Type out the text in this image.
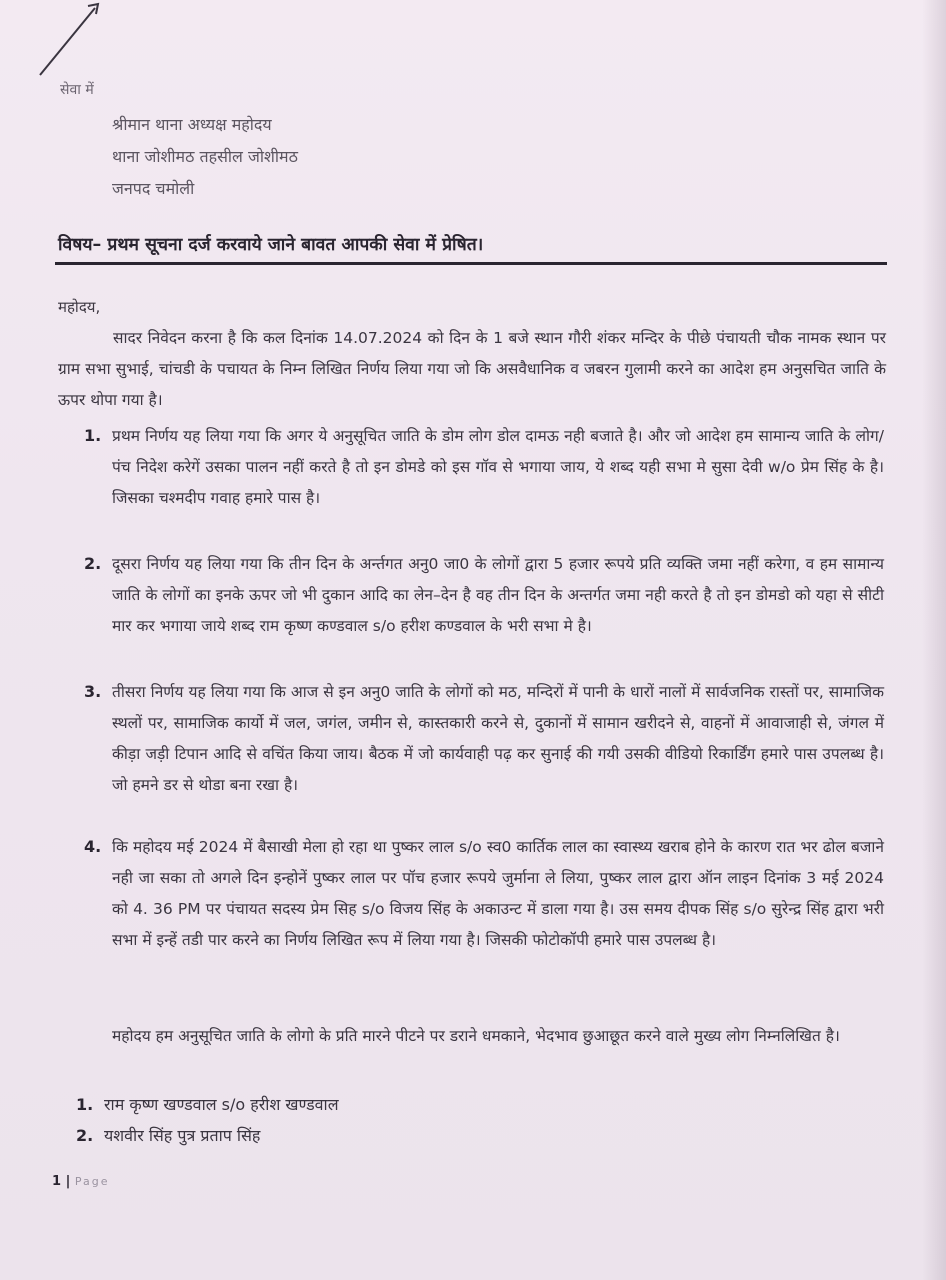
सेवा में
श्रीमान थाना अध्यक्ष महोदय
थाना जोशीमठ तहसील जोशीमठ
जनपद चमोली
विषय– प्रथम सूचना दर्ज करवाये जाने बावत आपकी सेवा में प्रेषित।
महोदय,
सादर निवेदन करना है कि कल दिनांक 14.07.2024 को दिन के 1 बजे स्थान गौरी शंकर मन्दिर के पीछे पंचायती चौक नामक स्थान पर ग्राम सभा सुभाई, चांचडी के पचायत के निम्न लिखित निर्णय लिया गया जो कि असवैधानिक व जबरन गुलामी करने का आदेश हम अनुसचित जाति के ऊपर थोपा गया है।
1. प्रथम निर्णय यह लिया गया कि अगर ये अनुसूचित जाति के डोम लोग डोल दामऊ नही बजाते है। और जो आदेश हम सामान्य जाति के लोग/पंच निदेश करेगें उसका पालन नहीं करते है तो इन डोमडे को इस गॉव से भगाया जाय, ये शब्द यही सभा मे सुसा देवी w/o प्रेम सिंह के है। जिसका चश्मदीप गवाह हमारे पास है।
2. दूसरा निर्णय यह लिया गया कि तीन दिन के अर्न्तगत अनु0 जा0 के लोगों द्वारा 5 हजार रूपये प्रति व्यक्ति जमा नहीं करेगा, व हम सामान्य जाति के लोगों का इनके ऊपर जो भी दुकान आदि का लेन–देन है वह तीन दिन के अन्तर्गत जमा नही करते है तो इन डोमडो को यहा से सीटी मार कर भगाया जाये शब्द राम कृष्ण कण्डवाल s/o हरीश कण्डवाल के भरी सभा मे है।
3. तीसरा निर्णय यह लिया गया कि आज से इन अनु0 जाति के लोगों को मठ, मन्दिरों में पानी के धारों नालों में सार्वजनिक रास्तों पर, सामाजिक स्थलों पर, सामाजिक कार्यो में जल, जगंल, जमीन से, कास्तकारी करने से, दुकानों में सामान खरीदने से, वाहनों में आवाजाही से, जंगल में कीड़ा जड़ी टिपान आदि से वचिंत किया जाय। बैठक में जो कार्यवाही पढ़ कर सुनाई की गयी उसकी वीडियो रिकार्डिंग हमारे पास उपलब्ध है। जो हमने डर से थोडा बना रखा है।
4. कि महोदय मई 2024 में बैसाखी मेला हो रहा था पुष्कर लाल s/o स्व0 कार्तिक लाल का स्वास्थ्य खराब होने के कारण रात भर ढोल बजाने नही जा सका तो अगले दिन इन्होनें पुष्कर लाल पर पॉच हजार रूपये जुर्माना ले लिया, पुष्कर लाल द्वारा ऑन लाइन दिनांक 3 मई 2024 को 4. 36 PM पर पंचायत सदस्य प्रेम सिह s/o विजय सिंह के अकाउन्ट में डाला गया है। उस समय दीपक सिंह s/o सुरेन्द्र सिंह द्वारा भरी सभा में इन्हें तडी पार करने का निर्णय लिखित रूप में लिया गया है। जिसकी फोटोकॉपी हमारे पास उपलब्ध है।
महोदय हम अनुसूचित जाति के लोगो के प्रति मारने पीटने पर डराने धमकाने, भेदभाव छुआछूत करने वाले मुख्य लोग निम्नलिखित है।
1. राम कृष्ण खण्डवाल s/o हरीश खण्डवाल
2. यशवीर सिंह पुत्र प्रताप सिंह
1 | Page
